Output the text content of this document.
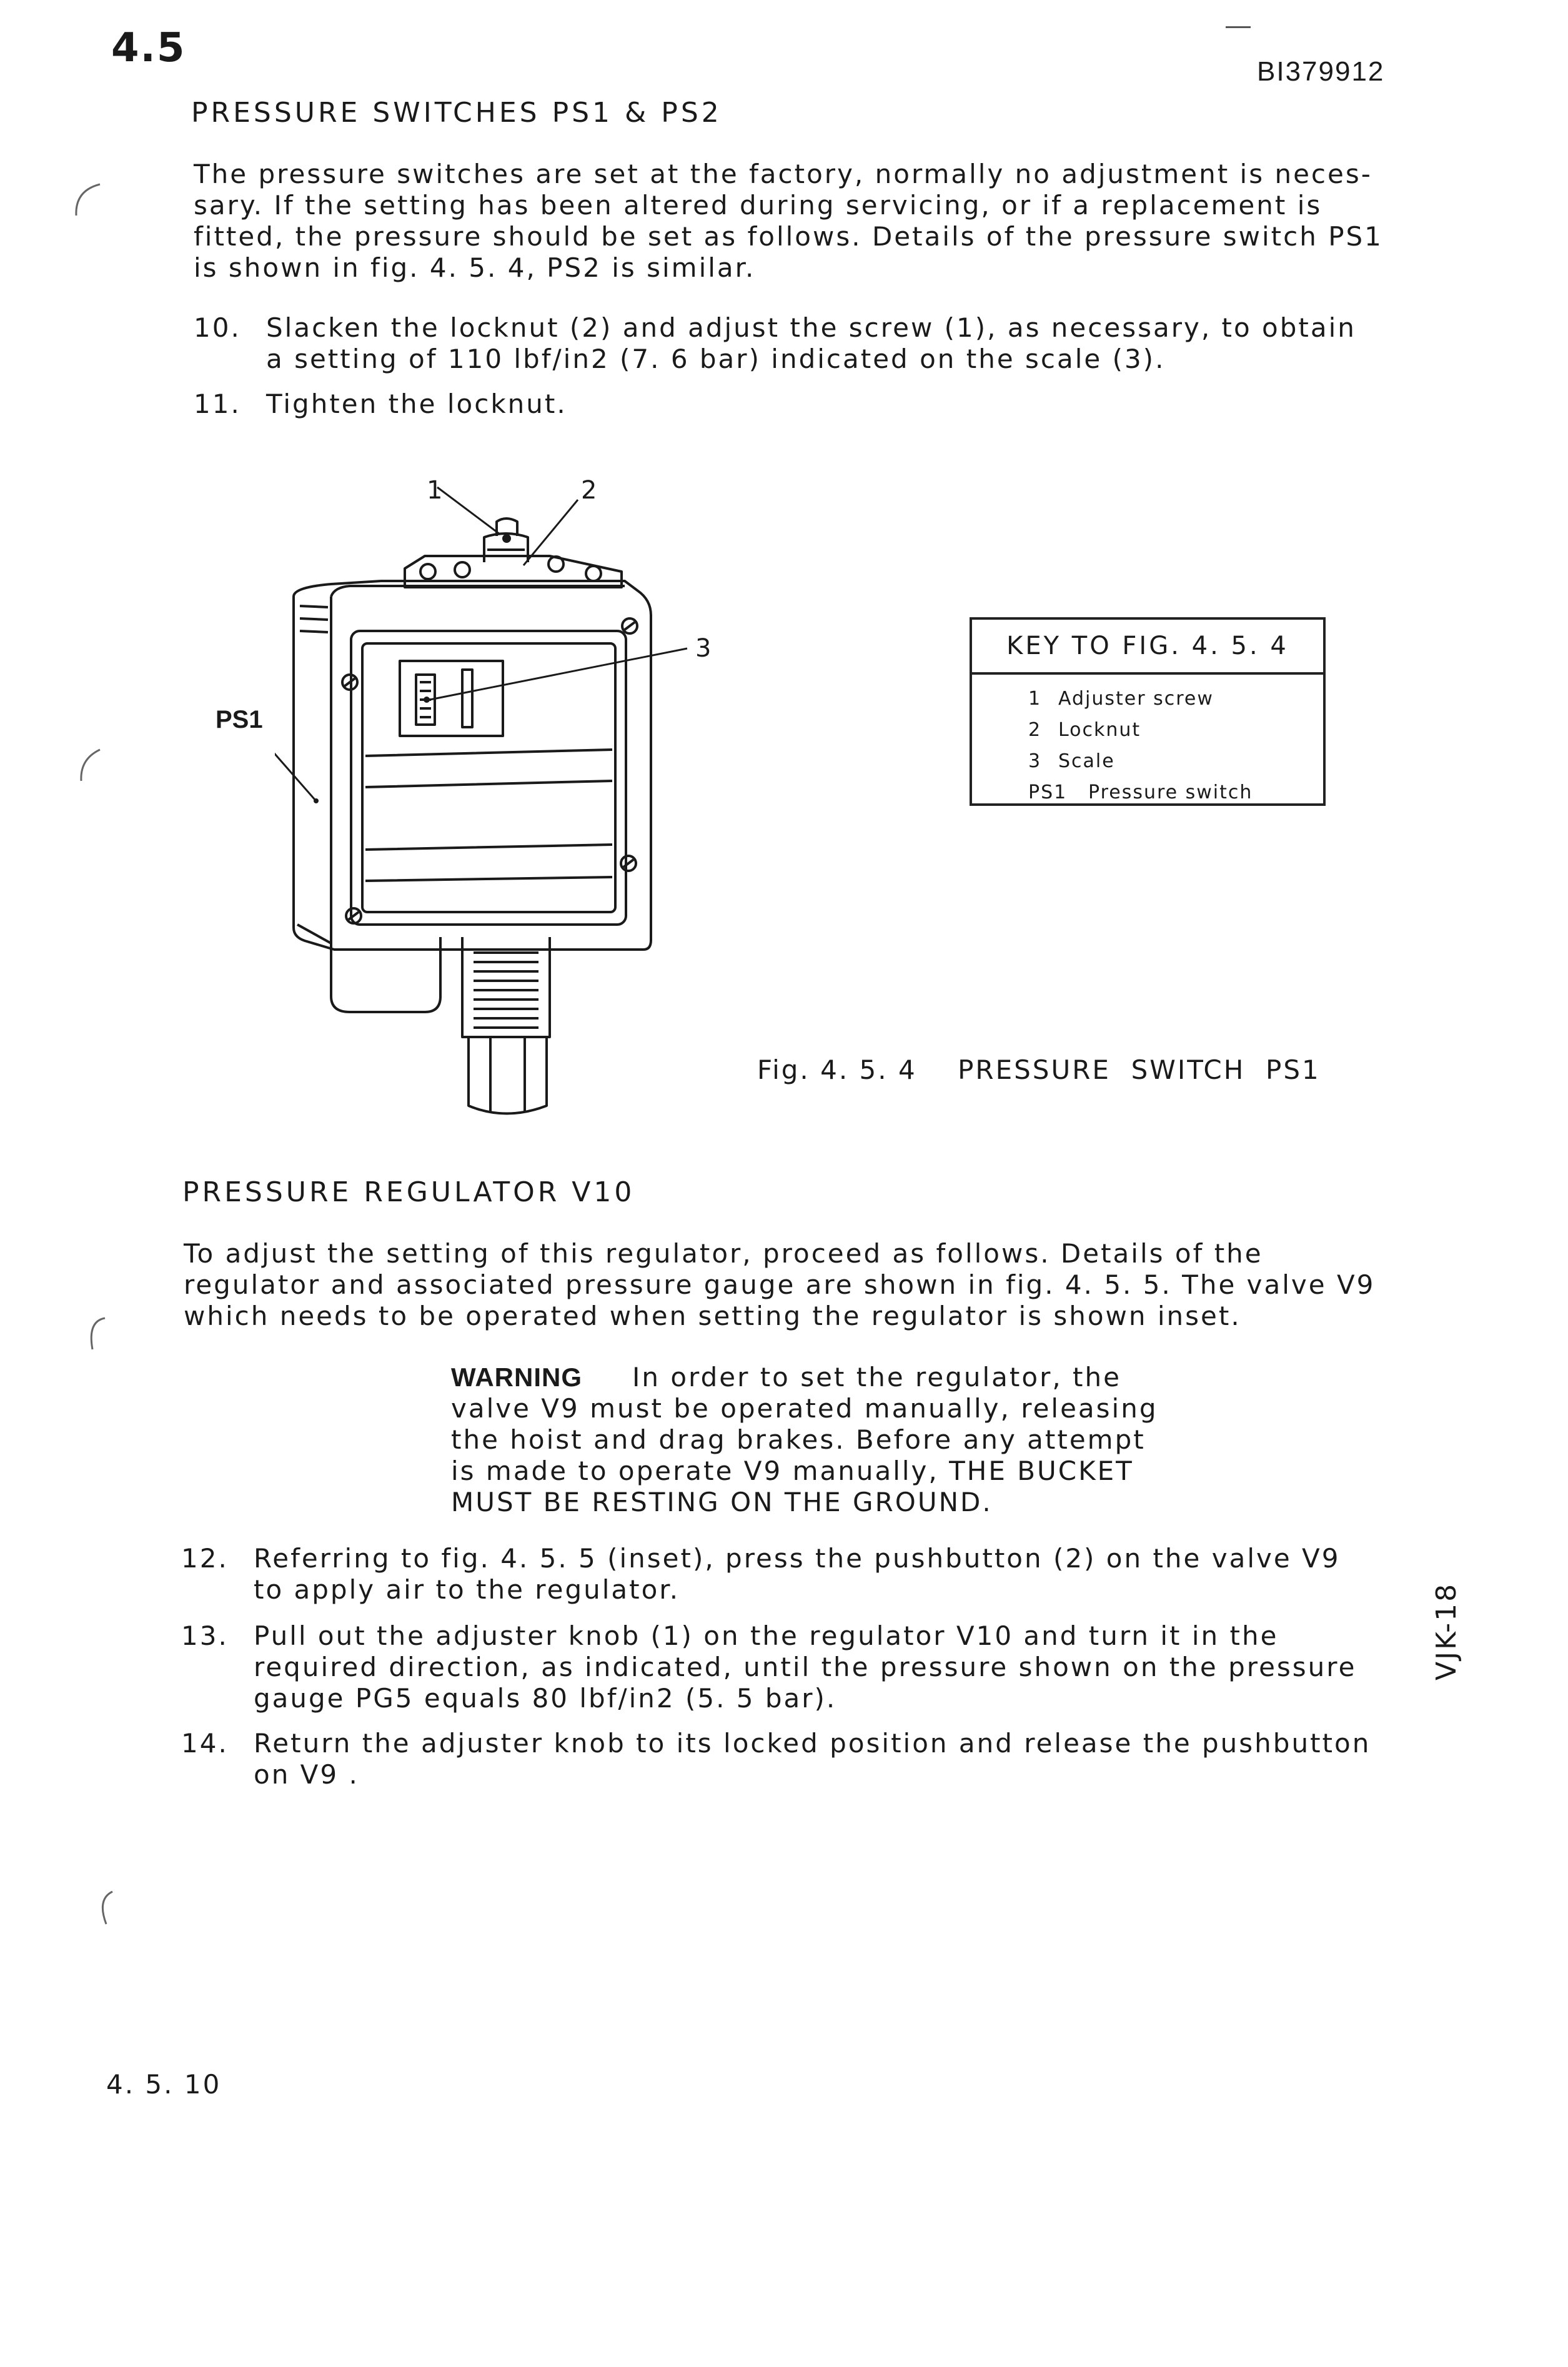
4.5
BI379912
PRESSURE SWITCHES PS1 & PS2
The pressure switches are set at the factory, normally no adjustment is neces-
sary. If the setting has been altered during servicing, or if a replacement is
fitted, the pressure should be set as follows. Details of the pressure switch PS1
is shown in fig. 4. 5. 4, PS2 is similar.
10. Slacken the locknut (2) and adjust the screw (1), as necessary, to obtain
a setting of 110 lbf/in2 (7. 6 bar) indicated on the scale (3).
11. Tighten the locknut.
1	2
3
PS1
KEY TO FIG. 4. 5. 4
1 Adjuster screw
2 Locknut
3 Scale
PS1 Pressure switch
Fig. 4. 5. 4    PRESSURE  SWITCH  PS1
PRESSURE REGULATOR V10
To adjust the setting of this regulator, proceed as follows. Details of the
regulator and associated pressure gauge are shown in fig. 4. 5. 5. The valve V9
which needs to be operated when setting the regulator is shown inset.
WARNING In order to set the regulator, the
valve V9 must be operated manually, releasing
the hoist and drag brakes. Before any attempt
is made to operate V9 manually, THE BUCKET
MUST BE RESTING ON THE GROUND.
12. Referring to fig. 4. 5. 5 (inset), press the pushbutton (2) on the valve V9
to apply air to the regulator.
13. Pull out the adjuster knob (1) on the regulator V10 and turn it in the
required direction, as indicated, until the pressure shown on the pressure
gauge PG5 equals 80 lbf/in2 (5. 5 bar).
14. Return the adjuster knob to its locked position and release the pushbutton
on V9 .
4. 5. 10
VJK-18
